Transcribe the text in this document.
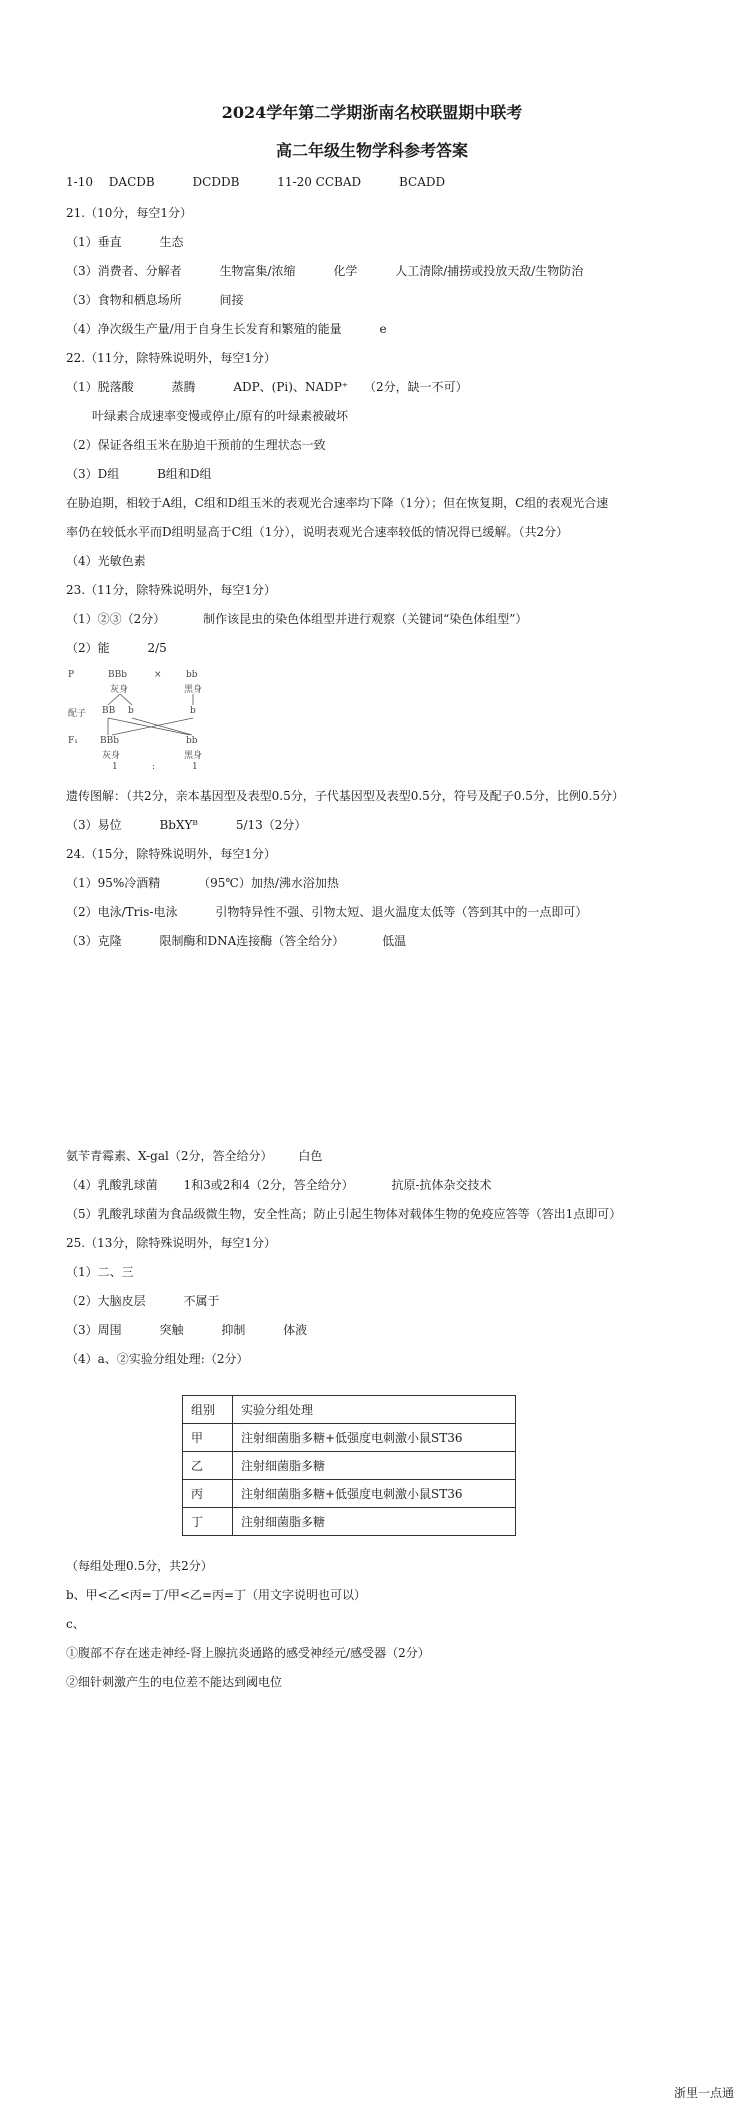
2024学年第二学期浙南名校联盟期中联考
高二年级生物学科参考答案
1-10 DACDB	DCDDB	11-20 CCBAD	BCADD
21.（10分，每空1分）
（1）垂直	生态
（3）消费者、分解者	生物富集/浓缩	化学	人工清除/捕捞或投放天敌/生物防治
（3）食物和栖息场所	间接
（4）净次级生产量/用于自身生长发育和繁殖的能量	e
22.（11分，除特殊说明外，每空1分）
（1）脱落酸	蒸腾	ADP、(Pi)、NADP⁺ （2分，缺一不可）
叶绿素合成速率变慢或停止/原有的叶绿素被破坏
（2）保证各组玉米在胁迫干预前的生理状态一致
（3）D组	B组和D组
在胁迫期，相较于A组，C组和D组玉米的表观光合速率均下降（1分）；但在恢复期，C组的表观光合速
率仍在较低水平而D组明显高于C组（1分），说明表观光合速率较低的情况得已缓解。（共2分）
（4）光敏色素
23.（11分，除特殊说明外，每空1分）
（1）②③（2分）	制作该昆虫的染色体组型并进行观察（关键词“染色体组型”）
（2）能	2/5
P	BBb	×	bb
灰身	黑身
配子 BB b	b
F₁ BBb	bb
灰身	黑身
1	:	1
遗传图解：（共2分，亲本基因型及表型0.5分，子代基因型及表型0.5分，符号及配子0.5分，比例0.5分）
（3）易位	BbXYᴮ	5/13（2分）
24.（15分，除特殊说明外，每空1分）
（1）95%冷酒精	（95℃）加热/沸水浴加热
（2）电泳/Tris-电泳	引物特异性不强、引物太短、退火温度太低等（答到其中的一点即可）
（3）克隆	限制酶和DNA连接酶（答全给分）	低温
氨苄青霉素、X-gal（2分，答全给分） 白色
（4）乳酸乳球菌 1和3或2和4（2分，答全给分）	抗原-抗体杂交技术
（5）乳酸乳球菌为食品级微生物，安全性高；防止引起生物体对载体生物的免疫应答等（答出1点即可）
25.（13分，除特殊说明外，每空1分）
（1）二、三
（2）大脑皮层	不属于
（3）周围	突触	抑制	体液
（4）a、②实验分组处理:（2分）
组别	实验分组处理
甲	注射细菌脂多糖+低强度电刺激小鼠ST36
乙	注射细菌脂多糖
丙	注射细菌脂多糖+低强度电刺激小鼠ST36
丁	注射细菌脂多糖
（每组处理0.5分，共2分）
b、甲<乙<丙=丁/甲<乙=丙=丁（用文字说明也可以）
c、
①腹部不存在迷走神经-肾上腺抗炎通路的感受神经元/感受器（2分）
②细针刺激产生的电位差不能达到阈电位
浙里一点通
